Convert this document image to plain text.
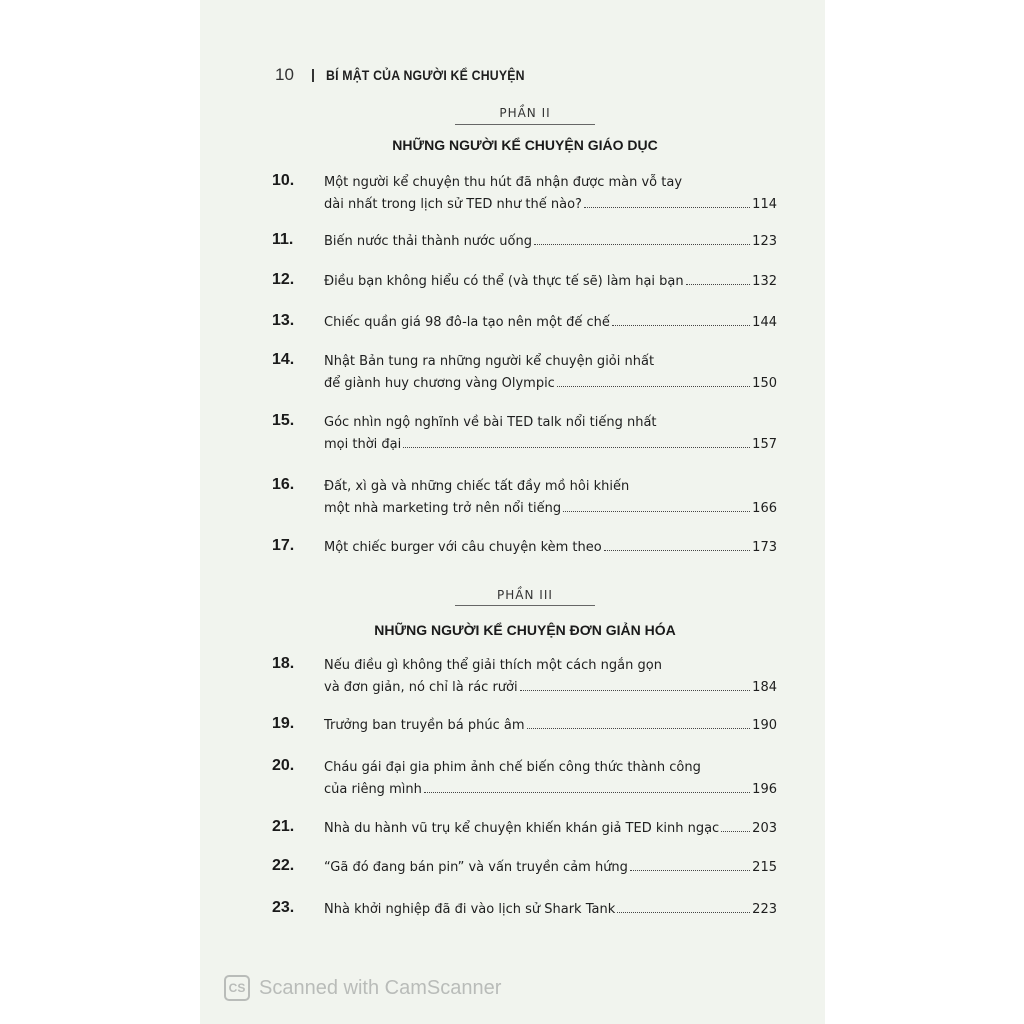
10 BÍ MẬT CỦA NGƯỜI KỂ CHUYỆN
PHẦN II
NHỮNG NGƯỜI KỂ CHUYỆN GIÁO DỤC
10. Một người kể chuyện thu hút đã nhận được màn vỗ tay
dài nhất trong lịch sử TED như thế nào?	114
11. Biến nước thải thành nước uống	123
12. Điều bạn không hiểu có thể (và thực tế sẽ) làm hại bạn	132
13. Chiếc quần giá 98 đô-la tạo nên một đế chế	144
14. Nhật Bản tung ra những người kể chuyện giỏi nhất
để giành huy chương vàng Olympic	150
15. Góc nhìn ngộ nghĩnh về bài TED talk nổi tiếng nhất
mọi thời đại	157
16. Đất, xì gà và những chiếc tất đầy mồ hôi khiến
một nhà marketing trở nên nổi tiếng	166
17. Một chiếc burger với câu chuyện kèm theo	173
PHẦN III
NHỮNG NGƯỜI KỂ CHUYỆN ĐƠN GIẢN HÓA
18. Nếu điều gì không thể giải thích một cách ngắn gọn
và đơn giản, nó chỉ là rác rưởi	184
19. Trưởng ban truyền bá phúc âm	190
20. Cháu gái đại gia phim ảnh chế biến công thức thành công
của riêng mình	196
21. Nhà du hành vũ trụ kể chuyện khiến khán giả TED kinh ngạc	203
22. “Gã đó đang bán pin” và vấn truyền cảm hứng	215
23. Nhà khởi nghiệp đã đi vào lịch sử Shark Tank	223
CS Scanned with CamScanner
